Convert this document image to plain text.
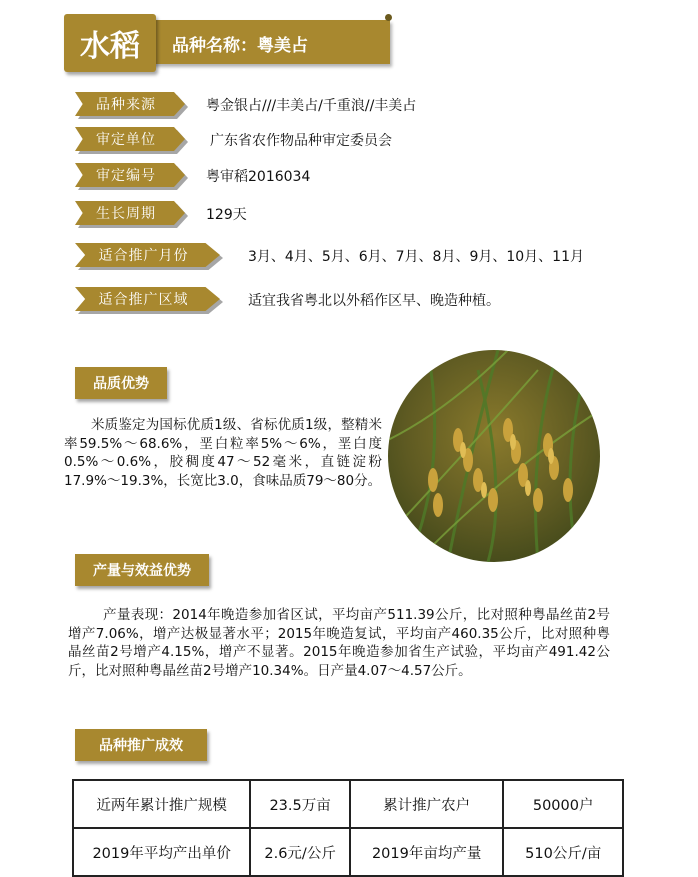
水稻	品种名称：粤美占
品种来源	粤金银占///丰美占/千重浪//丰美占
审定单位	广东省农作物品种审定委员会
审定编号	粤审稻2016034
生长周期	129天
适合推广月份	3月、4月、5月、6月、7月、8月、9月、10月、11月
适合推广区域	适宜我省粤北以外稻作区早、晚造种植。
品质优势
米质鉴定为国标优质1级、省标优质1级，整精米率59.5%～68.6%，垩白粒率5%～6%，垩白度0.5%～0.6%，胶稠度47～52毫米，直链淀粉17.9%～19.3%，长宽比3.0，食味品质79～80分。
产量与效益优势
产量表现：2014年晚造参加省区试，平均亩产511.39公斤，比对照种粤晶丝苗2号增产7.06%，增产达极显著水平；2015年晚造复试，平均亩产460.35公斤，比对照种粤晶丝苗2号增产4.15%，增产不显著。2015年晚造参加省生产试验，平均亩产491.42公斤，比对照种粤晶丝苗2号增产10.34%。日产量4.07～4.57公斤。
品种推广成效
近两年累计推广规模	23.5万亩	累计推广农户	50000户
2019年平均产出单价	2.6元/公斤	2019年亩均产量	510公斤/亩
